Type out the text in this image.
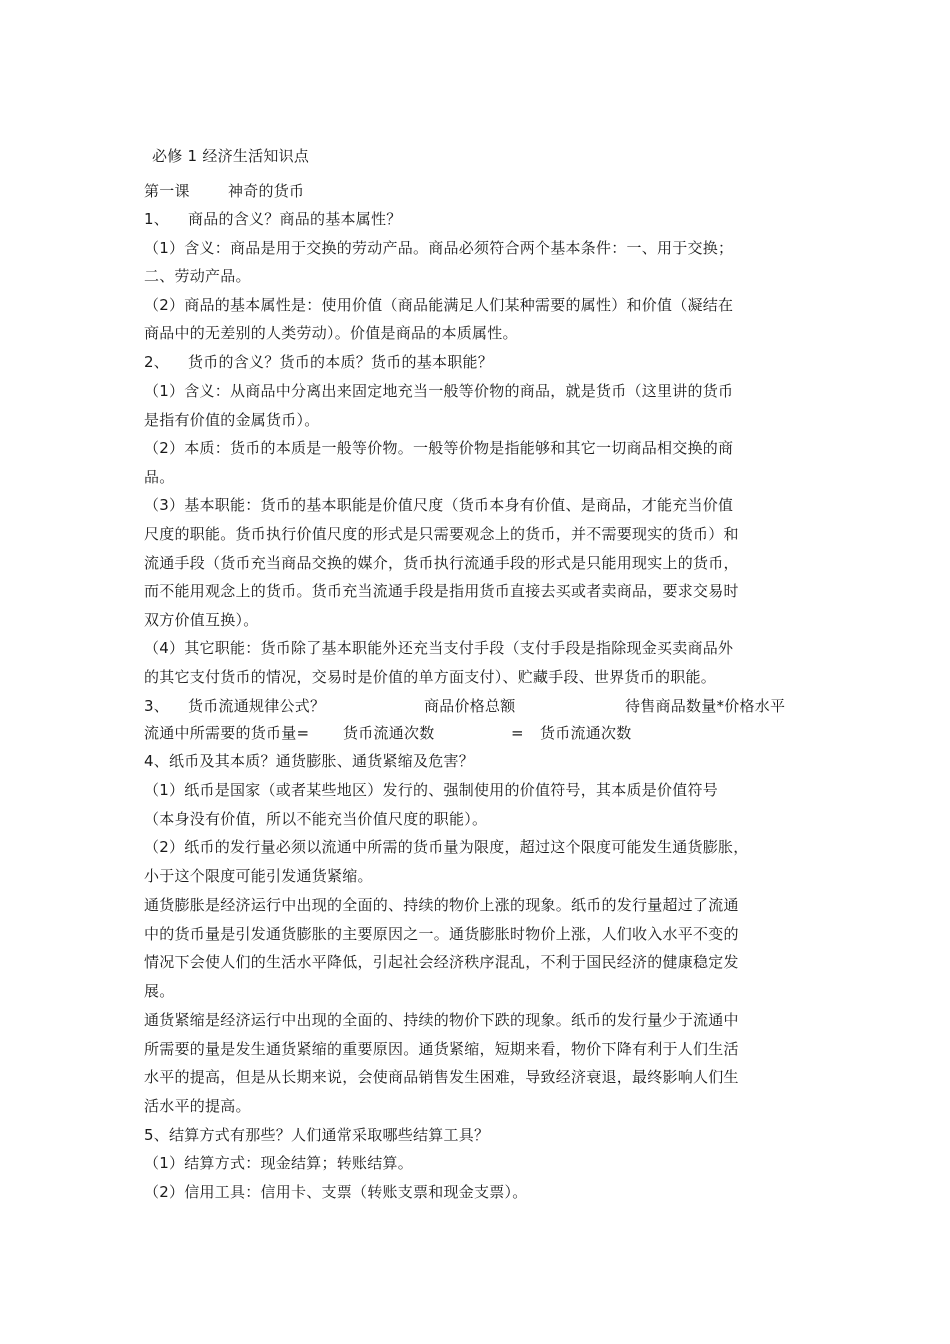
必修 1 经济生活知识点
第一课	神奇的货币
1、 商品的含义？商品的基本属性？
（1）含义：商品是用于交换的劳动产品。商品必须符合两个基本条件：一、用于交换；
二、劳动产品。
（2）商品的基本属性是：使用价值（商品能满足人们某种需要的属性）和价值（凝结在
商品中的无差别的人类劳动）。价值是商品的本质属性。
2、 货币的含义？货币的本质？货币的基本职能？
（1）含义：从商品中分离出来固定地充当一般等价物的商品，就是货币（这里讲的货币
是指有价值的金属货币）。
（2）本质：货币的本质是一般等价物。一般等价物是指能够和其它一切商品相交换的商
品。
（3）基本职能：货币的基本职能是价值尺度（货币本身有价值、是商品，才能充当价值
尺度的职能。货币执行价值尺度的形式是只需要观念上的货币，并不需要现实的货币）和
流通手段（货币充当商品交换的媒介，货币执行流通手段的形式是只能用现实上的货币，
而不能用观念上的货币。货币充当流通手段是指用货币直接去买或者卖商品，要求交易时
双方价值互换）。
（4）其它职能：货币除了基本职能外还充当支付手段（支付手段是指除现金买卖商品外
的其它支付货币的情况，交易时是价值的单方面支付）、贮藏手段、世界货币的职能。
3、 货币流通规律公式？	商品价格总额	待售商品数量*价格水平
流通中所需要的货币量= 货币流通次数	= 货币流通次数
4、纸币及其本质？通货膨胀、通货紧缩及危害？
（1）纸币是国家（或者某些地区）发行的、强制使用的价值符号，其本质是价值符号
（本身没有价值，所以不能充当价值尺度的职能）。
（2）纸币的发行量必须以流通中所需的货币量为限度，超过这个限度可能发生通货膨胀，
小于这个限度可能引发通货紧缩。
通货膨胀是经济运行中出现的全面的、持续的物价上涨的现象。纸币的发行量超过了流通
中的货币量是引发通货膨胀的主要原因之一。通货膨胀时物价上涨，人们收入水平不变的
情况下会使人们的生活水平降低，引起社会经济秩序混乱，不利于国民经济的健康稳定发
展。
通货紧缩是经济运行中出现的全面的、持续的物价下跌的现象。纸币的发行量少于流通中
所需要的量是发生通货紧缩的重要原因。通货紧缩，短期来看，物价下降有利于人们生活
水平的提高，但是从长期来说，会使商品销售发生困难，导致经济衰退，最终影响人们生
活水平的提高。
5、结算方式有那些？人们通常采取哪些结算工具？
（1）结算方式：现金结算；转账结算。
（2）信用工具：信用卡、支票（转账支票和现金支票）。
